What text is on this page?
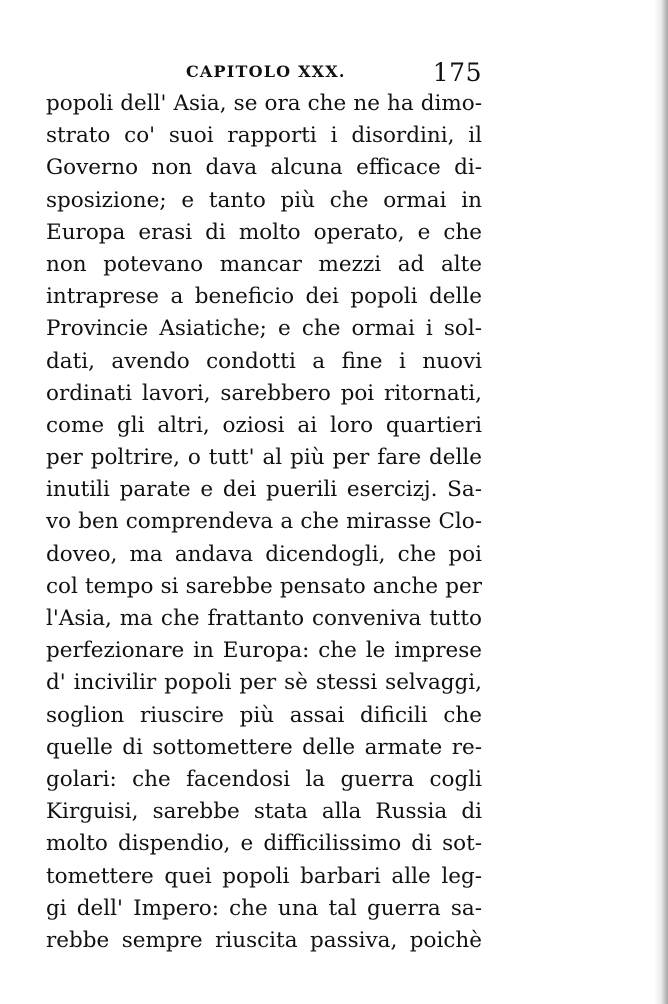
CAPITOLO XXX.	175
popoli dell' Asia, se ora che ne ha dimo-
strato co' suoi rapporti i disordini, il
Governo non dava alcuna efficace di-
sposizione; e tanto più che ormai in
Europa erasi di molto operato, e che
non potevano mancar mezzi ad alte
intraprese a beneficio dei popoli delle
Provincie Asiatiche; e che ormai i sol-
dati, avendo condotti a fine i nuovi
ordinati lavori, sarebbero poi ritornati,
come gli altri, oziosi ai loro quartieri
per poltrire, o tutt' al più per fare delle
inutili parate e dei puerili esercizj. Sa-
vo ben comprendeva a che mirasse Clo-
doveo, ma andava dicendogli, che poi
col tempo si sarebbe pensato anche per
l'Asia, ma che frattanto conveniva tutto
perfezionare in Europa: che le imprese
d' incivilir popoli per sè stessi selvaggi,
soglion riuscire più assai dificili che
quelle di sottomettere delle armate re-
golari: che facendosi la guerra cogli
Kirguisi, sarebbe stata alla Russia di
molto dispendio, e difficilissimo di sot-
tomettere quei popoli barbari alle leg-
gi dell' Impero: che una tal guerra sa-
rebbe sempre riuscita passiva, poichè
